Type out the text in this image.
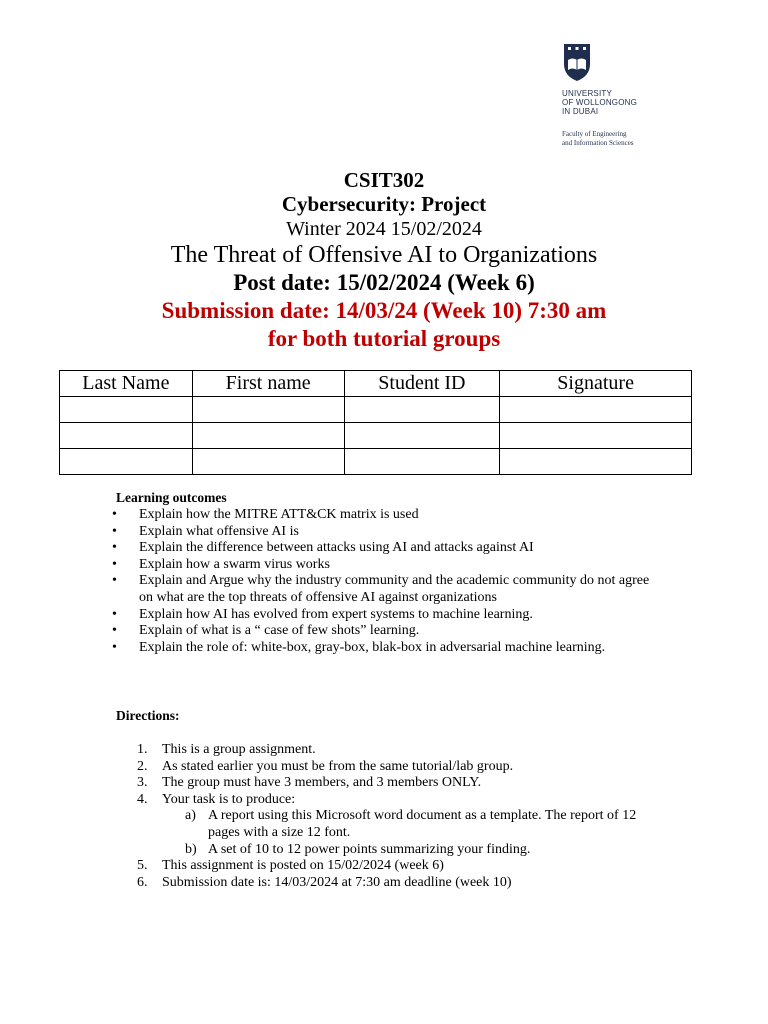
UNIVERSITY
OF WOLLONGONG
IN DUBAI
Faculty of Engineering
and Information Sciences
CSIT302
Cybersecurity: Project
Winter 2024 15/02/2024
The Threat of Offensive AI to Organizations
Post date: 15/02/2024 (Week 6)
Submission date: 14/03/24 (Week 10) 7:30 am
for both tutorial groups
Last Name	First name	Student ID	Signature

Learning outcomes
• Explain how the MITRE ATT&CK matrix is used
• Explain what offensive AI is
• Explain the difference between attacks using AI and attacks against AI
• Explain how a swarm virus works
• Explain and Argue why the industry community and the academic community do not agree on what are the top threats of offensive AI against organizations
• Explain how AI has evolved from expert systems to machine learning.
• Explain of what is a “ case of few shots” learning.
• Explain the role of: white-box, gray-box, blak-box in adversarial machine learning.
Directions:
1. This is a group assignment.
2. As stated earlier you must be from the same tutorial/lab group.
3. The group must have 3 members, and 3 members ONLY.
4. Your task is to produce:
a) A report using this Microsoft word document as a template. The report of 12 pages with a size 12 font.
b) A set of 10 to 12 power points summarizing your finding.
5. This assignment is posted on 15/02/2024 (week 6)
6. Submission date is: 14/03/2024 at 7:30 am deadline (week 10)
